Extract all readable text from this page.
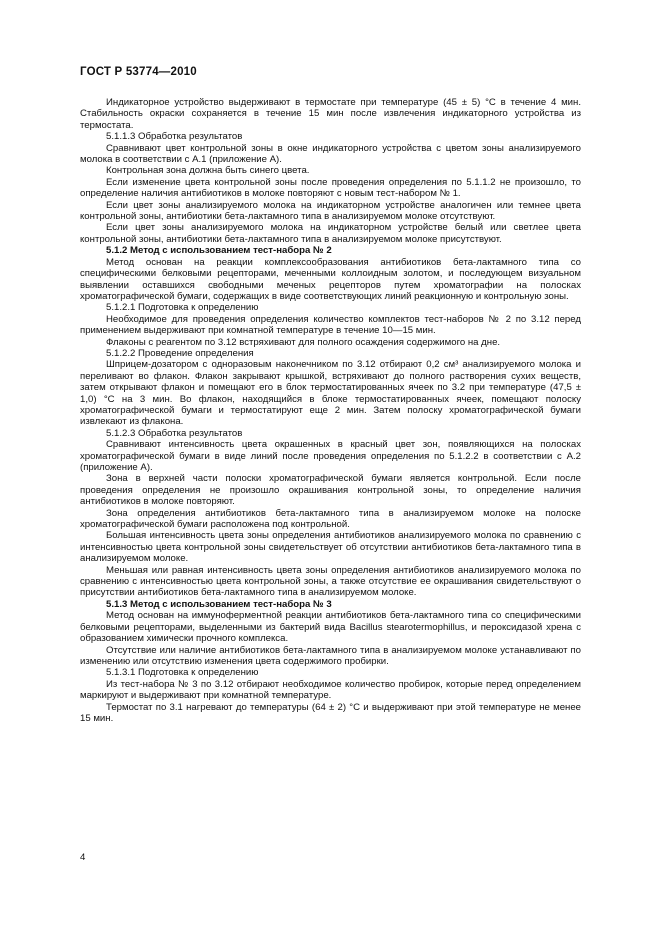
ГОСТ Р 53774—2010

Индикаторное устройство выдерживают в термостате при температуре (45 ± 5) °С в течение 4 мин. Стабильность окраски сохраняется в течение 15 мин после извлечения индикаторного устройства из термостата.

5.1.1.3 Обработка результатов

Сравнивают цвет контрольной зоны в окне индикаторного устройства с цветом зоны анализируемого молока в соответствии с А.1 (приложение А).

Контрольная зона должна быть синего цвета.

Если изменение цвета контрольной зоны после проведения определения по 5.1.1.2 не произошло, то определение наличия антибиотиков в молоке повторяют с новым тест-набором № 1.

Если цвет зоны анализируемого молока на индикаторном устройстве аналогичен или темнее цвета контрольной зоны, антибиотики бета-лактамного типа в анализируемом молоке отсутствуют.

Если цвет зоны анализируемого молока на индикаторном устройстве белый или светлее цвета контрольной зоны, антибиотики бета-лактамного типа в анализируемом молоке присутствуют.

5.1.2 Метод с использованием тест-набора № 2

Метод основан на реакции комплексообразования антибиотиков бета-лактамного типа со специфическими белковыми рецепторами, меченными коллоидным золотом, и последующем визуальном выявлении оставшихся свободными меченых рецепторов путем хроматографии на полосках хроматографической бумаги, содержащих в виде соответствующих линий реакционную и контрольную зоны.

5.1.2.1 Подготовка к определению

Необходимое для проведения определения количество комплектов тест-наборов № 2 по 3.12 перед применением выдерживают при комнатной температуре в течение 10—15 мин.

Флаконы с реагентом по 3.12 встряхивают для полного осаждения содержимого на дне.

5.1.2.2 Проведение определения

Шприцем-дозатором с одноразовым наконечником по 3.12 отбирают 0,2 см³ анализируемого молока и переливают во флакон. Флакон закрывают крышкой, встряхивают до полного растворения сухих веществ, затем открывают флакон и помещают его в блок термостатированных ячеек по 3.2 при температуре (47,5 ± 1,0) °С на 3 мин. Во флакон, находящийся в блоке термостатированных ячеек, помещают полоску хроматографической бумаги и термостатируют еще 2 мин. Затем полоску хроматографической бумаги извлекают из флакона.

5.1.2.3 Обработка результатов

Сравнивают интенсивность цвета окрашенных в красный цвет зон, появляющихся на полосках хроматографической бумаги в виде линий после проведения определения по 5.1.2.2 в соответствии с А.2 (приложение А).

Зона в верхней части полоски хроматографической бумаги является контрольной. Если после проведения определения не произошло окрашивания контрольной зоны, то определение наличия антибиотиков в молоке повторяют.

Зона определения антибиотиков бета-лактамного типа в анализируемом молоке на полоске хроматографической бумаги расположена под контрольной.

Большая интенсивность цвета зоны определения антибиотиков анализируемого молока по сравнению с интенсивностью цвета контрольной зоны свидетельствует об отсутствии антибиотиков бета-лактамного типа в анализируемом молоке.

Меньшая или равная интенсивность цвета зоны определения антибиотиков анализируемого молока по сравнению с интенсивностью цвета контрольной зоны, а также отсутствие ее окрашивания свидетельствуют о присутствии антибиотиков бета-лактамного типа в анализируемом молоке.

5.1.3 Метод с использованием тест-набора № 3

Метод основан на иммуноферментной реакции антибиотиков бета-лактамного типа со специфическими белковыми рецепторами, выделенными из бактерий вида Bacillus stearotermophillus, и пероксидазой хрена с образованием химически прочного комплекса.

Отсутствие или наличие антибиотиков бета-лактамного типа в анализируемом молоке устанавливают по изменению или отсутствию изменения цвета содержимого пробирки.

5.1.3.1 Подготовка к определению

Из тест-набора № 3 по 3.12 отбирают необходимое количество пробирок, которые перед определением маркируют и выдерживают при комнатной температуре.

Термостат по 3.1 нагревают до температуры (64 ± 2) °С и выдерживают при этой температуре не менее 15 мин.

4
